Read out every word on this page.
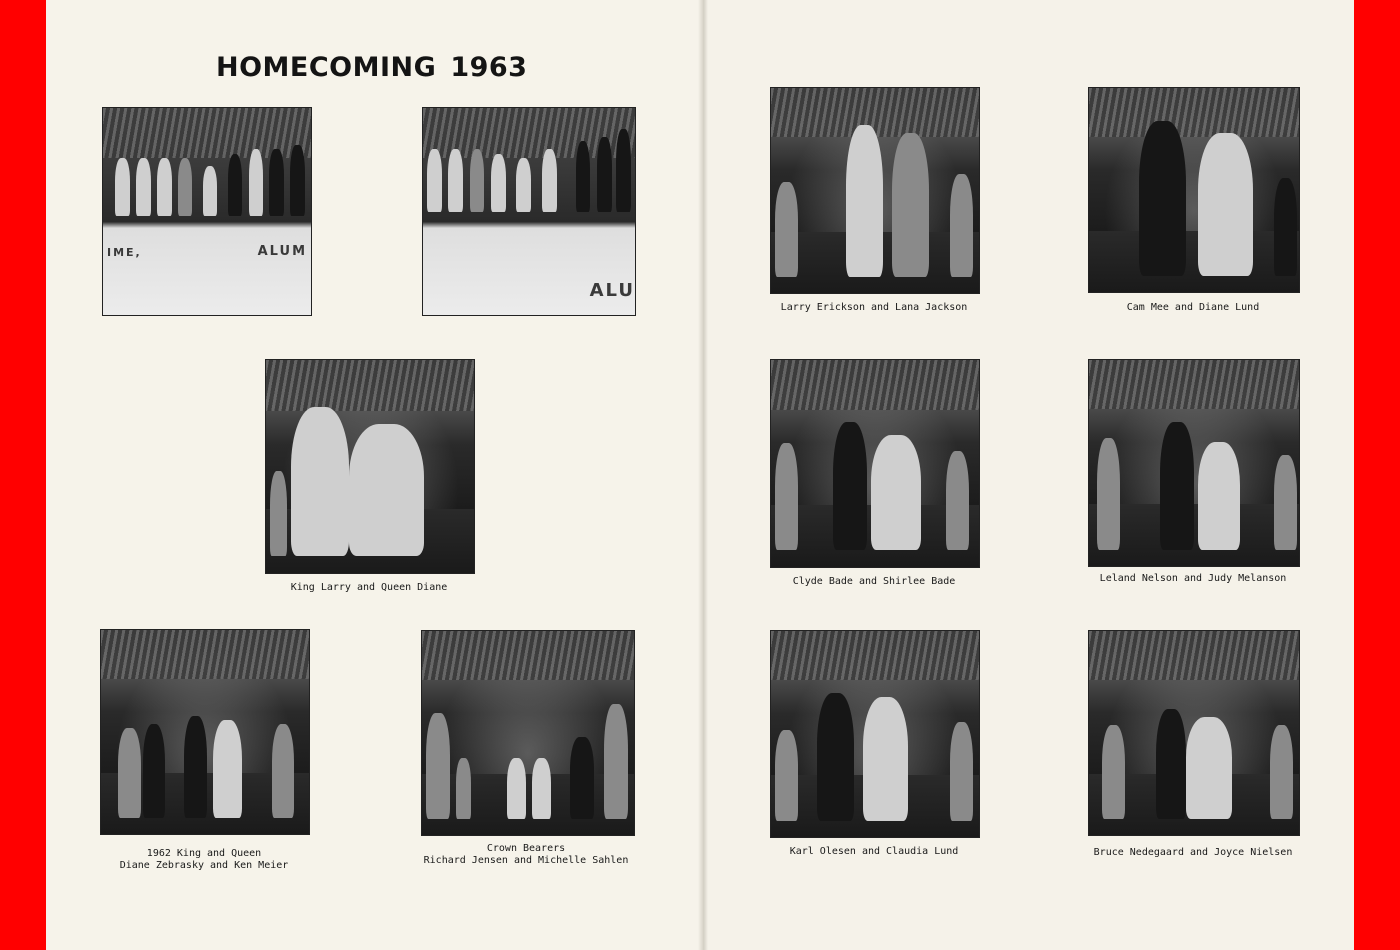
HOMECOMING 1963
IME,	ALUM
ALU
King Larry and Queen Diane
1962 King and Queen
Diane Zebrasky and Ken Meier
Crown Bearers
Richard Jensen and Michelle Sahlen
Larry Erickson and Lana Jackson	Cam Mee and Diane Lund
Clyde Bade and Shirlee Bade	Leland Nelson and Judy Melanson
Karl Olesen and Claudia Lund	Bruce Nedegaard and Joyce Nielsen
